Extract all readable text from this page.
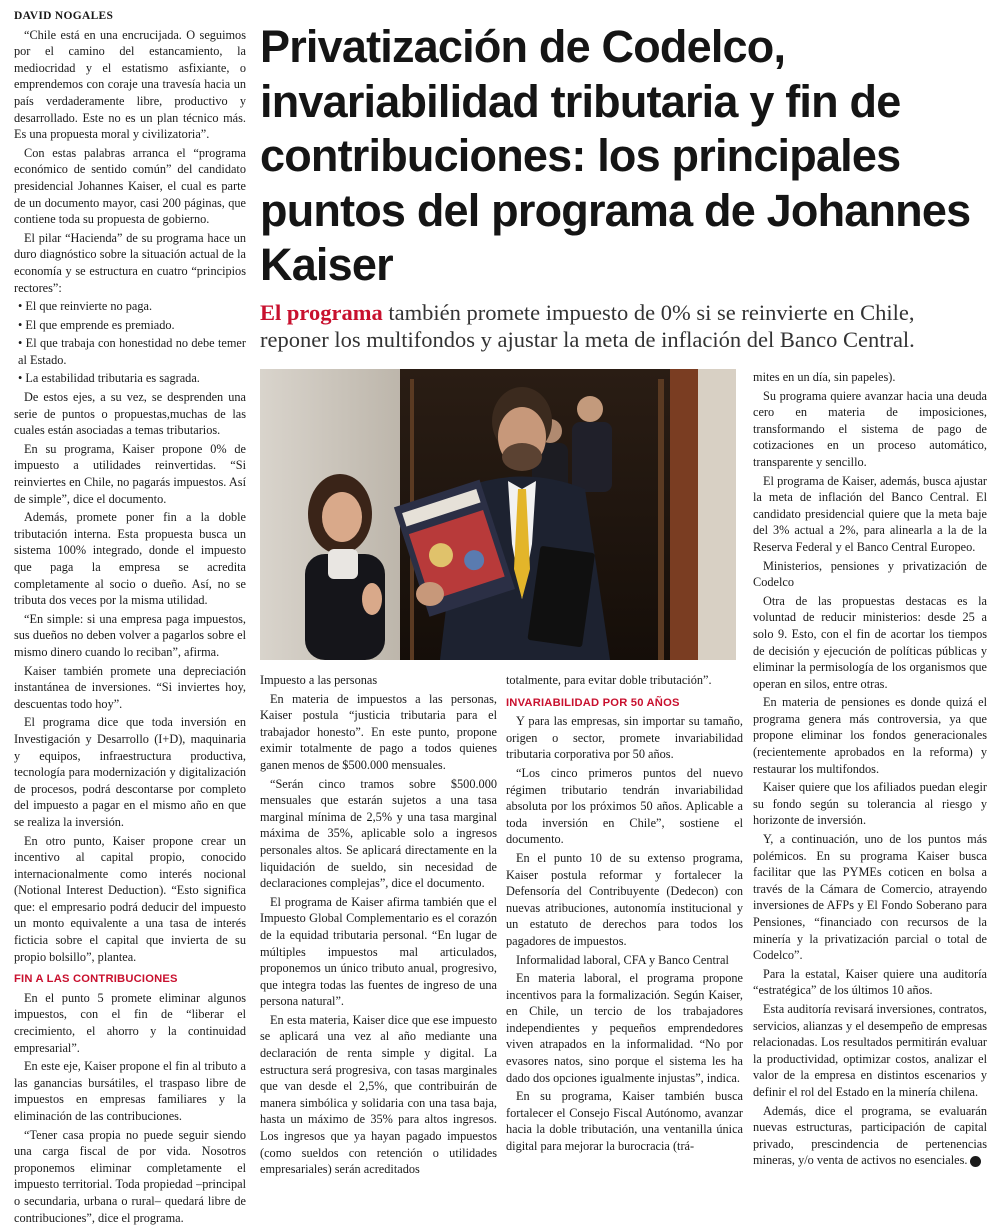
Privatización de Codelco, invariabilidad tributaria y fin de contribuciones: los principales puntos del programa de Johannes Kaiser
El programa también promete impuesto de 0% si se reinvierte en Chile, reponer los multifondos y ajustar la meta de inflación del Banco Central.

DAVID NOGALES

“Chile está en una encrucijada. O seguimos por el camino del estancamiento, la mediocridad y el estatismo asfixiante, o emprendemos con coraje una travesía hacia un país verdaderamente libre, productivo y desarrollado. Este no es un plan técnico más. Es una propuesta moral y civilizatoria”.

Con estas palabras arranca el “programa económico de sentido común” del candidato presidencial Johannes Kaiser, el cual es parte de un documento mayor, casi 200 páginas, que contiene toda su propuesta de gobierno.

El pilar “Hacienda” de su programa hace un duro diagnóstico sobre la situación actual de la economía y se estructura en cuatro “principios rectores”:

• El que reinvierte no paga.

• El que emprende es premiado.

• El que trabaja con honestidad no debe temer al Estado.

• La estabilidad tributaria es sagrada.

De estos ejes, a su vez, se desprenden una serie de puntos o propuestas,muchas de las cuales están asociadas a temas tributarios.

En su programa, Kaiser propone 0% de impuesto a utilidades reinvertidas. “Si reinviertes en Chile, no pagarás impuestos. Así de simple”, dice el documento.

Además, promete poner fin a la doble tributación interna. Esta propuesta busca un sistema 100% integrado, donde el impuesto que paga la empresa se acredita completamente al socio o dueño. Así, no se tributa dos veces por la misma utilidad.

“En simple: si una empresa paga impuestos, sus dueños no deben volver a pagarlos sobre el mismo dinero cuando lo reciban”, afirma.

Kaiser también promete una depreciación instantánea de inversiones. “Si inviertes hoy, descuentas todo hoy”.

El programa dice que toda inversión en Investigación y Desarrollo (I+D), maquinaria y equipos, infraestructura productiva, tecnología para modernización y digitalización de procesos, podrá descontarse por completo del impuesto a pagar en el mismo año en que se realiza la inversión.

En otro punto, Kaiser propone crear un incentivo al capital propio, conocido internacionalmente como interés nocional (Notional Interest Deduction). “Esto significa que: el empresario podrá deducir del impuesto un monto equivalente a una tasa de interés ficticia sobre el capital que invierta de su propio bolsillo”, plantea.

FIN A LAS CONTRIBUCIONES

En el punto 5 promete eliminar algunos impuestos, con el fin de “liberar el crecimiento, el ahorro y la continuidad empresarial”.

En este eje, Kaiser propone el fin al tributo a las ganancias bursátiles, el traspaso libre de impuestos en empresas familiares y la eliminación de las contribuciones.

“Tener casa propia no puede seguir siendo una carga fiscal de por vida. Nosotros proponemos eliminar completamente el impuesto territorial. Toda propiedad –principal o secundaria, urbana o rural– quedará libre de contribuciones”, dice el programa.

Impuesto a las personas

En materia de impuestos a las personas, Kaiser postula “justicia tributaria para el trabajador honesto”. En este punto, propone eximir totalmente de pago a todos quienes ganen menos de $500.000 mensuales.

“Serán cinco tramos sobre $500.000 mensuales que estarán sujetos a una tasa marginal mínima de 2,5% y una tasa marginal máxima de 35%, aplicable solo a ingresos personales altos. Se aplicará directamente en la liquidación de sueldo, sin necesidad de declaraciones complejas”, dice el documento.

El programa de Kaiser afirma también que el Impuesto Global Complementario es el corazón de la equidad tributaria personal. “En lugar de múltiples impuestos mal articulados, proponemos un único tributo anual, progresivo, que integra todas las fuentes de ingreso de una persona natural”.

En esta materia, Kaiser dice que ese impuesto se aplicará una vez al año mediante una declaración de renta simple y digital. La estructura será progresiva, con tasas marginales que van desde el 2,5%, que contribuirán de manera simbólica y solidaria con una tasa baja, hasta un máximo de 35% para altos ingresos. Los ingresos que ya hayan pagado impuestos (como sueldos con retención o utilidades empresariales) serán acreditados

totalmente, para evitar doble tributación”.

INVARIABILIDAD POR 50 AÑOS

Y para las empresas, sin importar su tamaño, origen o sector, promete invariabilidad tributaria corporativa por 50 años.

“Los cinco primeros puntos del nuevo régimen tributario tendrán invariabilidad absoluta por los próximos 50 años. Aplicable a toda inversión en Chile”, sostiene el documento.

En el punto 10 de su extenso programa, Kaiser postula reformar y fortalecer la Defensoría del Contribuyente (Dedecon) con nuevas atribuciones, autonomía institucional y un estatuto de derechos para todos los pagadores de impuestos.

Informalidad laboral, CFA y Banco Central

En materia laboral, el programa propone incentivos para la formalización. Según Kaiser, en Chile, un tercio de los trabajadores independientes y pequeños emprendedores viven atrapados en la informalidad. “No por evasores natos, sino porque el sistema les ha dado dos opciones igualmente injustas”, indica.

En su programa, Kaiser también busca fortalecer el Consejo Fiscal Autónomo, avanzar hacia la doble tributación, una ventanilla única digital para mejorar la burocracia (trá-

mites en un día, sin papeles).

Su programa quiere avanzar hacia una deuda cero en materia de imposiciones, transformando el sistema de pago de cotizaciones en un proceso automático, transparente y sencillo.

El programa de Kaiser, además, busca ajustar la meta de inflación del Banco Central. El candidato presidencial quiere que la meta baje del 3% actual a 2%, para alinearla a la de la Reserva Federal y el Banco Central Europeo.

Ministerios, pensiones y privatización de Codelco

Otra de las propuestas destacas es la voluntad de reducir ministerios: desde 25 a solo 9. Esto, con el fin de acortar los tiempos de decisión y ejecución de políticas públicas y eliminar la permisología de los organismos que operan en silos, entre otras.

En materia de pensiones es donde quizá el programa genera más controversia, ya que propone eliminar los fondos generacionales (recientemente aprobados en la reforma) y restaurar los multifondos.

Kaiser quiere que los afiliados puedan elegir su fondo según su tolerancia al riesgo y horizonte de inversión.

Y, a continuación, uno de los puntos más polémicos. En su programa Kaiser busca facilitar que las PYMEs coticen en bolsa a través de la Cámara de Comercio, atrayendo inversiones de AFPs y El Fondo Soberano para Pensiones, “financiado con recursos de la minería y la privatización parcial o total de Codelco”.

Para la estatal, Kaiser quiere una auditoría “estratégica” de los últimos 10 años.

Esta auditoría revisará inversiones, contratos, servicios, alianzas y el desempeño de empresas relacionadas. Los resultados permitirán evaluar la productividad, optimizar costos, analizar el valor de la empresa en distintos escenarios y definir el rol del Estado en la minería chilena.

Además, dice el programa, se evaluarán nuevas estructuras, participación de capital privado, prescindencia de pertenencias mineras, y/o venta de activos no esenciales. P
